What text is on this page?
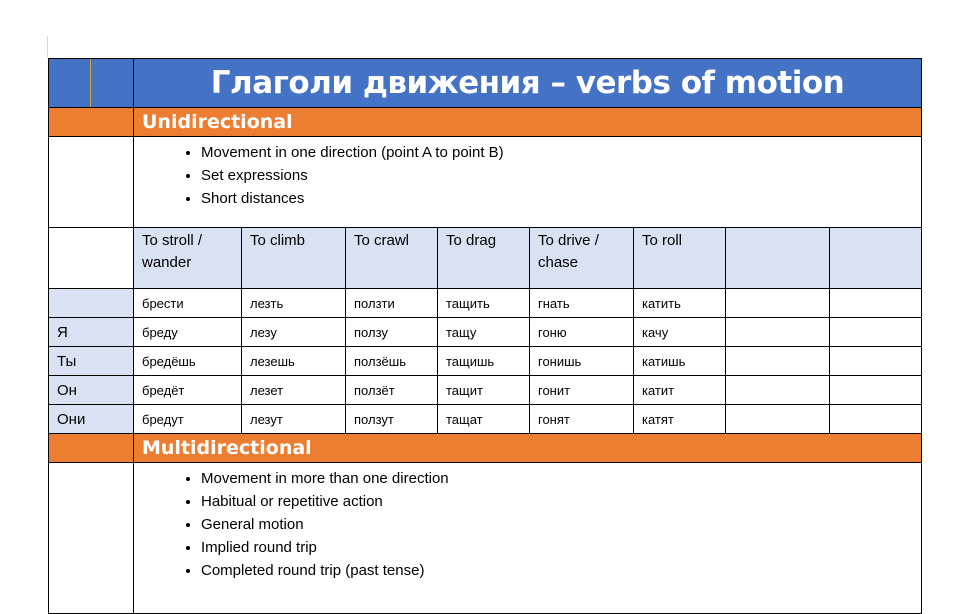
	Глаголи движения – verbs of motion							
	Unidirectional							

• Movement in one direction (point A to point B)
• Set expressions
• Short distances

	To stroll / wander	To climb	To crawl	To drag	To drive / chase	To roll		
	брести	лезть	ползти	тащить	гнать	катить		
Я	бреду	лезу	ползу	тащу	гоню	качу		
Ты	бредёшь	лезешь	ползёшь	тащишь	гонишь	катишь		
Он	бредёт	лезет	ползёт	тащит	гонит	катит		
Они	бредут	лезут	ползут	тащат	гонят	катят		
	Multidirectional							

• Movement in more than one direction
• Habitual or repetitive action
• General motion
• Implied round trip
• Completed round trip (past tense)
